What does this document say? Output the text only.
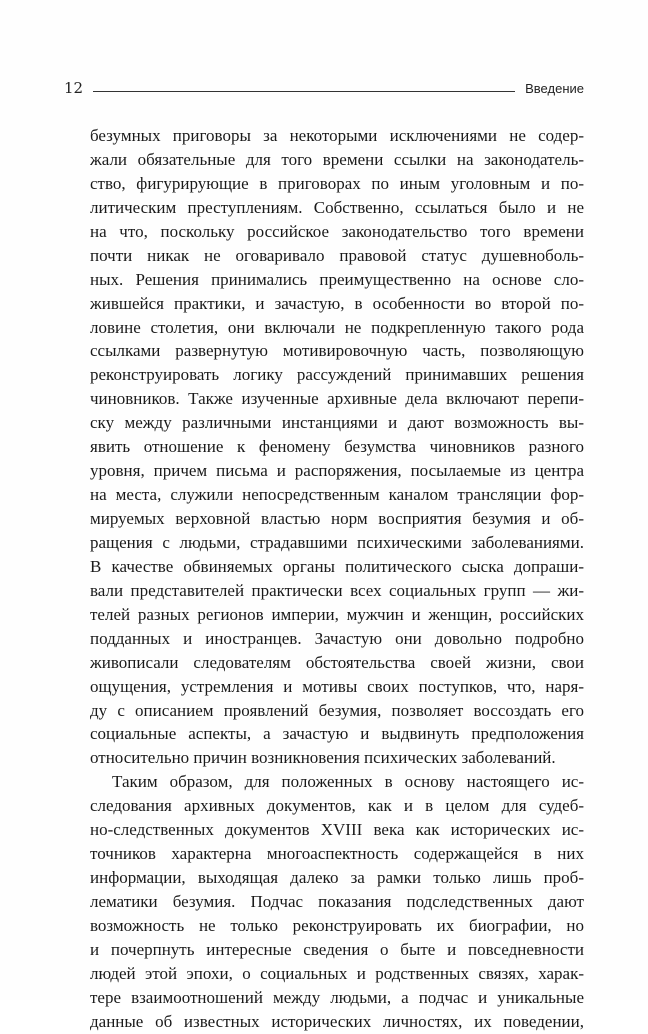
12	Введение
безумных приговоры за некоторыми исключениями не содер-
жали обязательные для того времени ссылки на законодатель-
ство, фигурирующие в приговорах по иным уголовным и по-
литическим преступлениям. Собственно, ссылаться было и не
на что, поскольку российское законодательство того времени
почти никак не оговаривало правовой статус душевноболь-
ных. Решения принимались преимущественно на основе сло-
жившейся практики, и зачастую, в особенности во второй по-
ловине столетия, они включали не подкрепленную такого рода
ссылками развернутую мотивировочную часть, позволяющую
реконструировать логику рассуждений принимавших решения
чиновников. Также изученные архивные дела включают перепи-
ску между различными инстанциями и дают возможность вы-
явить отношение к феномену безумства чиновников разного
уровня, причем письма и распоряжения, посылаемые из центра
на места, служили непосредственным каналом трансляции фор-
мируемых верховной властью норм восприятия безумия и об-
ращения с людьми, страдавшими психическими заболеваниями.
В качестве обвиняемых органы политического сыска допраши-
вали представителей практически всех социальных групп — жи-
телей разных регионов империи, мужчин и женщин, российских
подданных и иностранцев. Зачастую они довольно подробно
живописали следователям обстоятельства своей жизни, свои
ощущения, устремления и мотивы своих поступков, что, наря-
ду с описанием проявлений безумия, позволяет воссоздать его
социальные аспекты, а зачастую и выдвинуть предположения
относительно причин возникновения психических заболеваний.
Таким образом, для положенных в основу настоящего ис-
следования архивных документов, как и в целом для судеб-
но-следственных документов XVIII века как исторических ис-
точников характерна многоаспектность содержащейся в них
информации, выходящая далеко за рамки только лишь проб-
лематики безумия. Подчас показания подследственных дают
возможность не только реконструировать их биографии, но
и почерпнуть интересные сведения о быте и повседневности
людей этой эпохи, о социальных и родственных связях, харак-
тере взаимоотношений между людьми, а подчас и уникальные
данные об известных исторических личностях, их поведении,
